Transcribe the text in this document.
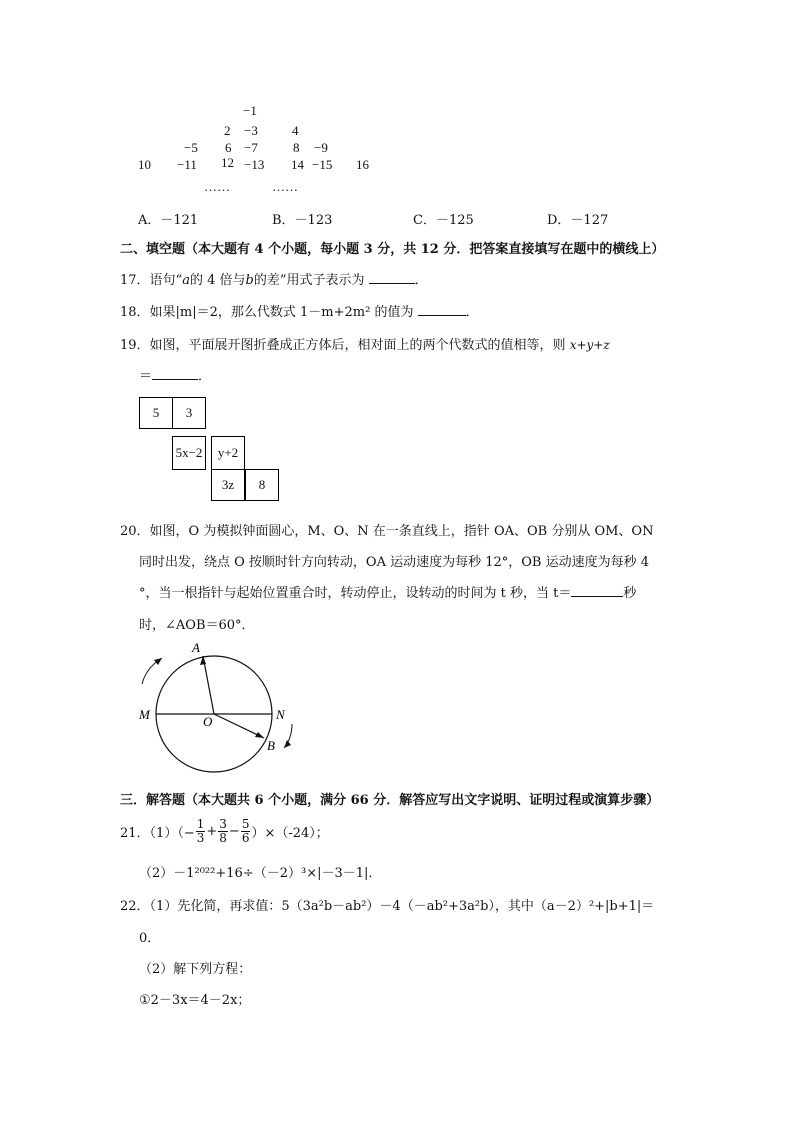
−1
2 −3	4
−5 6 −7	8 −9
10 −11 12 −13 14 −15 16
……	……
A．－121	B．－123	C．－125	D．－127
二、填空题（本大题有 4 个小题，每小题 3 分，共 12 分．把答案直接填写在题中的横线上）
17．语句“a的 4 倍与b的差”用式子表示为	．
18．如果|m|＝2，那么代数式 1－m+2m² 的值为	．
19．如图，平面展开图折叠成正方体后，相对面上的两个代数式的值相等，则 x+y+z
＝	．
5	3
5x−2	y+2
3z	8
20．如图，O 为模拟钟面圆心，M、O、N 在一条直线上，指针 OA、OB 分别从 OM、ON
同时出发，绕点 O 按顺时针方向转动，OA 运动速度为每秒 12°，OB 运动速度为每秒 4
°，当一根指针与起始位置重合时，转动停止，设转动的时间为 t 秒，当 t＝	秒
时，∠AOB＝60°．
A
M	O	N
B
三．解答题（本大题共 6 个小题，满分 66 分．解答应写出文字说明、证明过程或演算步骤）
21．$(1)(- \frac{1}{3} + \frac{3}{8} - \frac{5}{6} )\times(-24)$；
（2）－1²⁰²²+16÷（－2）³×|－3－1|．
22．（1）先化简，再求值：5（3a²b－ab²）－4（－ab²+3a²b），其中（a－2）²+|b+1|＝
0．
（2）解下列方程：
①2－3x＝4－2x；
